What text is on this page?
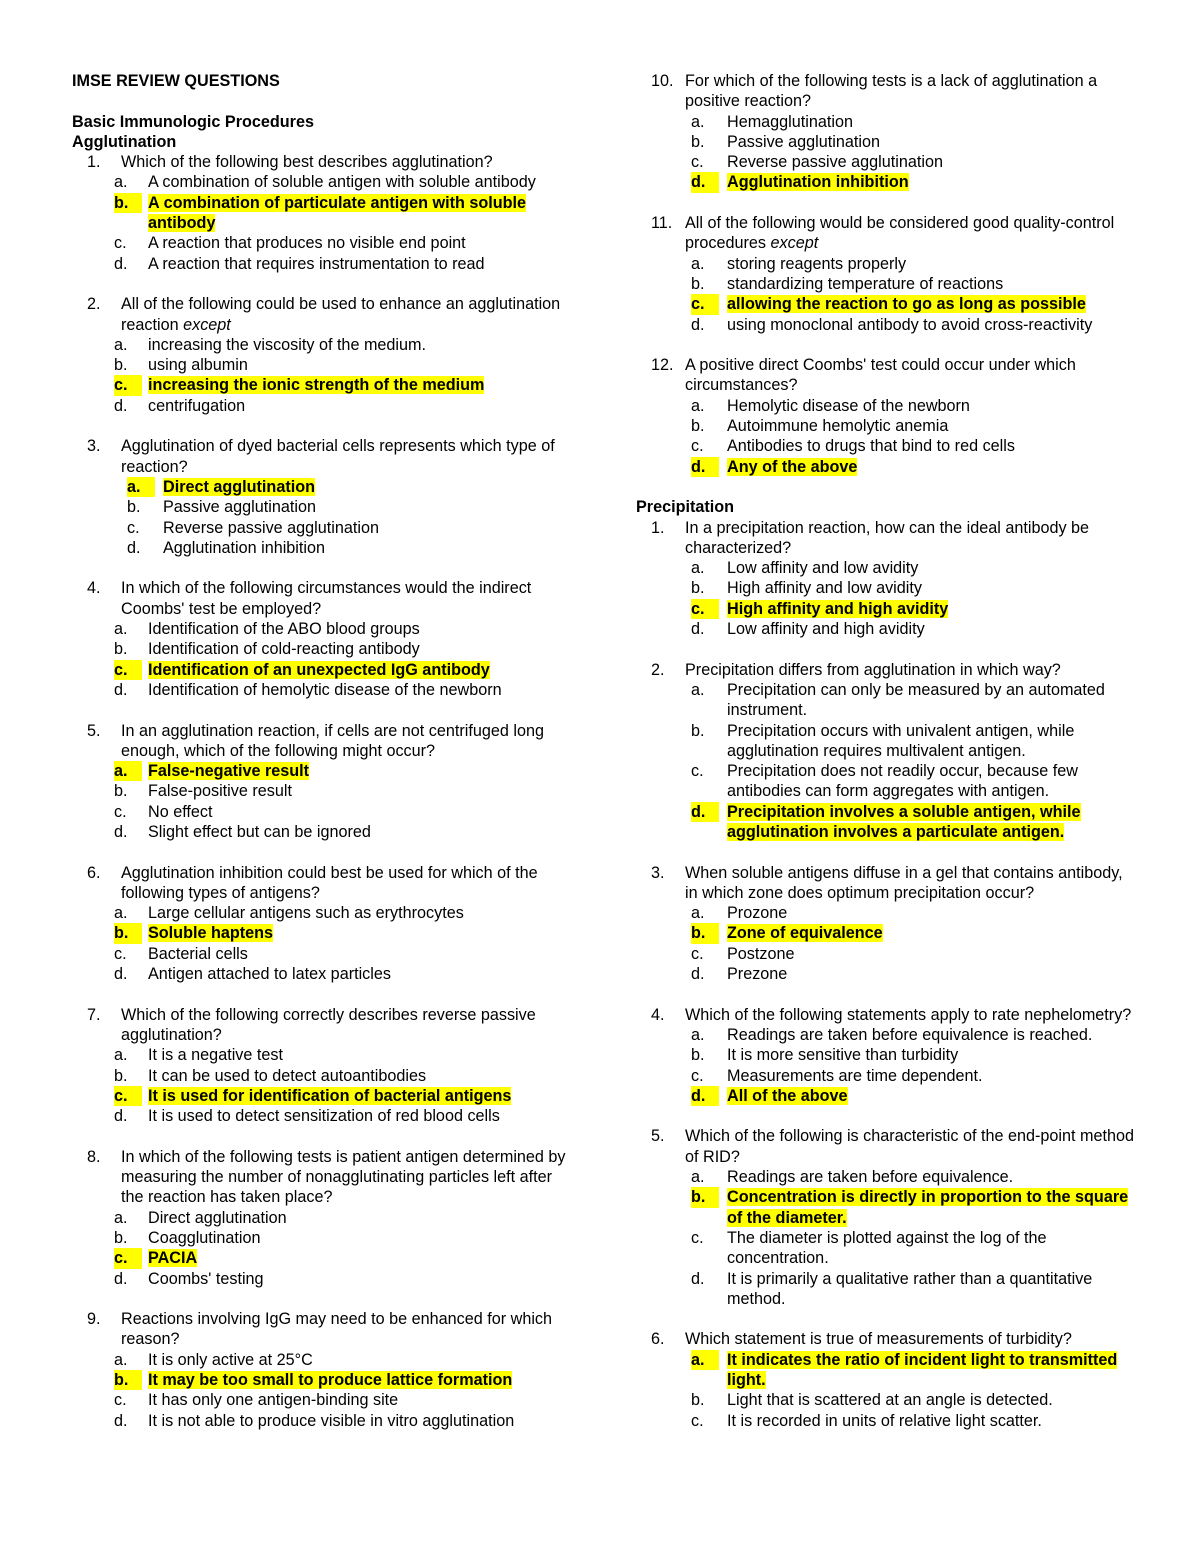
IMSE REVIEW QUESTIONS
Basic Immunologic Procedures
Agglutination
1. Which of the following best describes agglutination?
a. A combination of soluble antigen with soluble antibody
b.	A combination of particulate antigen with soluble antibody
c. A reaction that produces no visible end point
d. A reaction that requires instrumentation to read
2. All of the following could be used to enhance an agglutination reaction except
a. increasing the viscosity of the medium.
b. using albumin
c.	increasing the ionic strength of the medium
d. centrifugation
3. Agglutination of dyed bacterial cells represents which type of reaction?
a.	Direct agglutination
b. Passive agglutination
c. Reverse passive agglutination
d. Agglutination inhibition
4. In which of the following circumstances would the indirect Coombs' test be employed?
a. Identification of the ABO blood groups
b. Identification of cold-reacting antibody
c.	Identification of an unexpected IgG antibody
d. Identification of hemolytic disease of the newborn
5. In an agglutination reaction, if cells are not centrifuged long enough, which of the following might occur?
a.	False-negative result
b. False-positive result
c. No effect
d. Slight effect but can be ignored
6. Agglutination inhibition could best be used for which of the following types of antigens?
a. Large cellular antigens such as erythrocytes
b.	Soluble haptens
c. Bacterial cells
d. Antigen attached to latex particles
7. Which of the following correctly describes reverse passive agglutination?
a. It is a negative test
b. It can be used to detect autoantibodies
c.	It is used for identification of bacterial antigens
d. It is used to detect sensitization of red blood cells
8. In which of the following tests is patient antigen determined by measuring the number of nonagglutinating particles left after the reaction has taken place?
a. Direct agglutination
b. Coagglutination
c.	PACIA
d. Coombs' testing
9. Reactions involving IgG may need to be enhanced for which reason?
a. It is only active at 25°C
b.	It may be too small to produce lattice formation
c. It has only one antigen-binding site
d. It is not able to produce visible in vitro agglutination
10. For which of the following tests is a lack of agglutination a positive reaction?
a. Hemagglutination
b. Passive agglutination
c. Reverse passive agglutination
d.	Agglutination inhibition
11. All of the following would be considered good quality-control procedures except
a. storing reagents properly
b. standardizing temperature of reactions
c.	allowing the reaction to go as long as possible
d. using monoclonal antibody to avoid cross-reactivity
12. A positive direct Coombs' test could occur under which circumstances?
a. Hemolytic disease of the newborn
b. Autoimmune hemolytic anemia
c. Antibodies to drugs that bind to red cells
d.	Any of the above
Precipitation
1. In a precipitation reaction, how can the ideal antibody be characterized?
a. Low affinity and low avidity
b. High affinity and low avidity
c.	High affinity and high avidity
d. Low affinity and high avidity
2. Precipitation differs from agglutination in which way?
a. Precipitation can only be measured by an automated instrument.
b. Precipitation occurs with univalent antigen, while agglutination requires multivalent antigen.
c. Precipitation does not readily occur, because few antibodies can form aggregates with antigen.
d.	Precipitation involves a soluble antigen, while agglutination involves a particulate antigen.
3. When soluble antigens diffuse in a gel that contains antibody, in which zone does optimum precipitation occur?
a. Prozone
b.	Zone of equivalence
c. Postzone
d. Prezone
4. Which of the following statements apply to rate nephelometry?
a. Readings are taken before equivalence is reached.
b. It is more sensitive than turbidity
c. Measurements are time dependent.
d.	All of the above
5. Which of the following is characteristic of the end-point method of RID?
a. Readings are taken before equivalence.
b.	Concentration is directly in proportion to the square of the diameter.
c. The diameter is plotted against the log of the concentration.
d. It is primarily a qualitative rather than a quantitative method.
6. Which statement is true of measurements of turbidity?
a.	It indicates the ratio of incident light to transmitted light.
b. Light that is scattered at an angle is detected.
c. It is recorded in units of relative light scatter.
